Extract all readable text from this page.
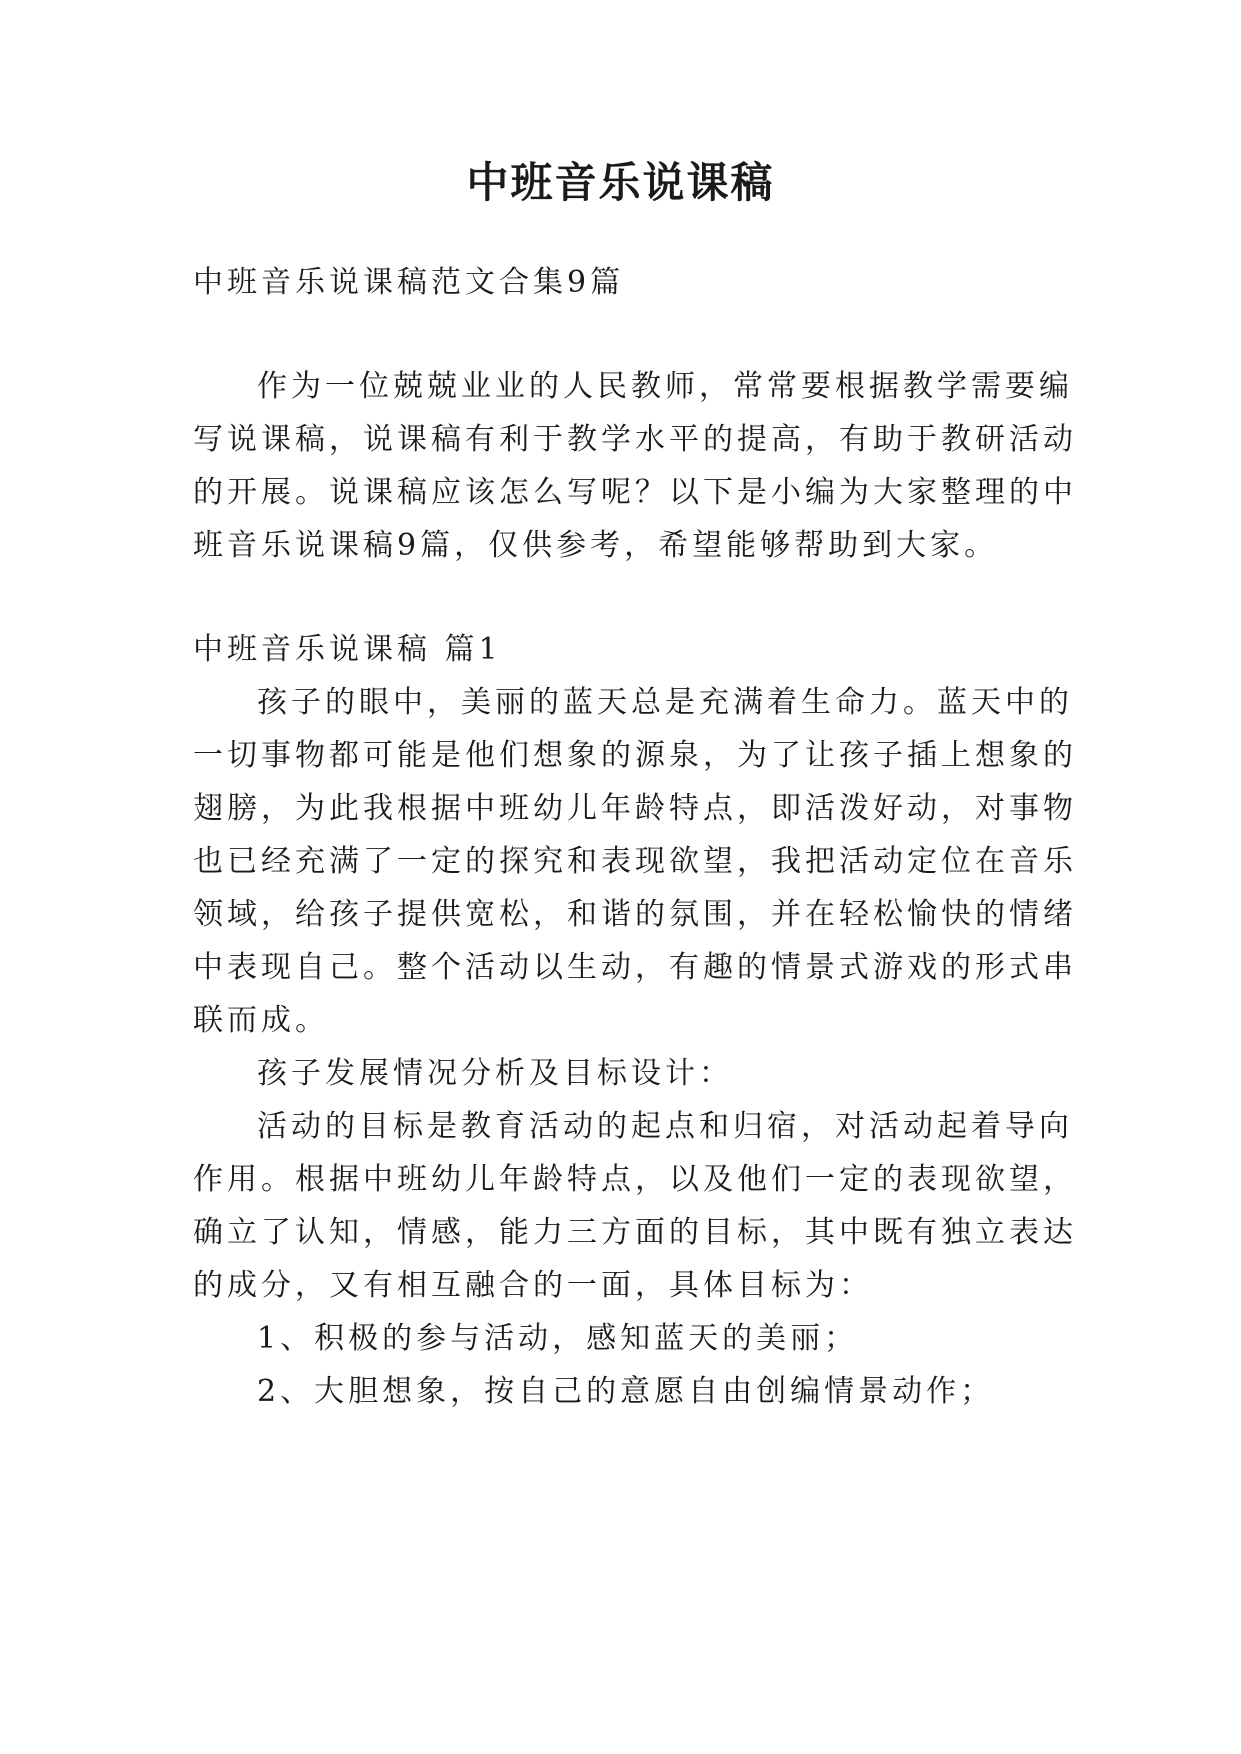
中班音乐说课稿
中班音乐说课稿范文合集9篇
作为一位兢兢业业的人民教师，常常要根据教学需要编
写说课稿，说课稿有利于教学水平的提高，有助于教研活动
的开展。说课稿应该怎么写呢？以下是小编为大家整理的中
班音乐说课稿9篇，仅供参考，希望能够帮助到大家。
中班音乐说课稿 篇1
孩子的眼中，美丽的蓝天总是充满着生命力。蓝天中的
一切事物都可能是他们想象的源泉，为了让孩子插上想象的
翅膀，为此我根据中班幼儿年龄特点，即活泼好动，对事物
也已经充满了一定的探究和表现欲望，我把活动定位在音乐
领域，给孩子提供宽松，和谐的氛围，并在轻松愉快的情绪
中表现自己。整个活动以生动，有趣的情景式游戏的形式串
联而成。
孩子发展情况分析及目标设计：
活动的目标是教育活动的起点和归宿，对活动起着导向
作用。根据中班幼儿年龄特点，以及他们一定的表现欲望，
确立了认知，情感，能力三方面的目标，其中既有独立表达
的成分，又有相互融合的一面，具体目标为：
1、积极的参与活动，感知蓝天的美丽；
2、大胆想象，按自己的意愿自由创编情景动作；
